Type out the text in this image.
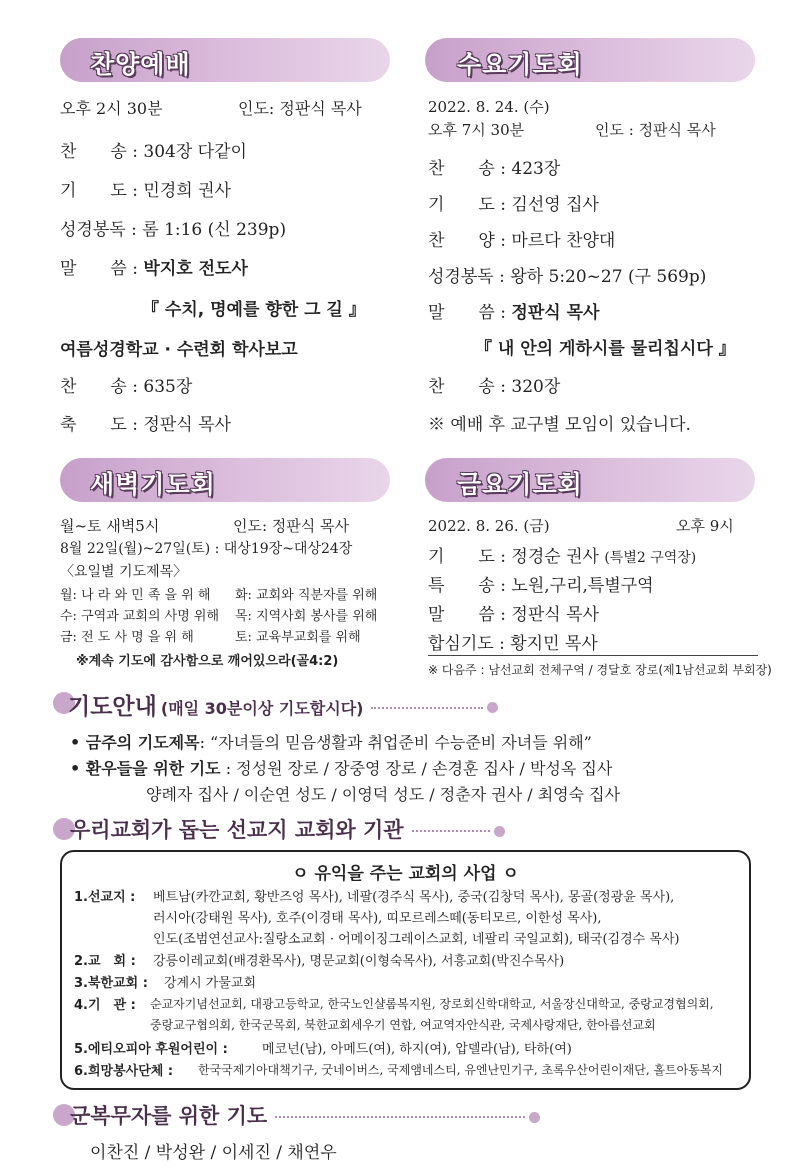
찬양예배	수요기도회
새벽기도회	금요기도회
오후 2시 30분	인도: 정판식 목사
찬　　송 : 304장 다같이
기　　도 : 민경희 권사
성경봉독 : 롬 1:16 (신 239p)
말　　씀 : 박지호 전도사
『 수치, 명예를 향한 그 길 』
여름성경학교 · 수련회 학사보고
찬　　송 : 635장
축　　도 : 정판식 목사
2022. 8. 24. (수)
오후 7시 30분	인도 : 정판식 목사
찬　　송 : 423장
기　　도 : 김선영 집사
찬　　양 : 마르다 찬양대
성경봉독 : 왕하 5:20~27 (구 569p)
말　　씀 : 정판식 목사
『 내 안의 게하시를 물리칩시다 』
찬　　송 : 320장
※ 예배 후 교구별 모임이 있습니다.
월~토 새벽5시	인도: 정판식 목사
8월 22일(월)~27일(토) : 대상19장~대상24장
〈요일별 기도제목〉
월: 나 라 와 민 족 을 위 해 화: 교회와 직분자를 위해
수: 구역과 교회의 사명 위해 목: 지역사회 봉사를 위해
금: 전 도 사 명 을 위 해	토: 교육부교회를 위해
※계속 기도에 감사함으로 깨어있으라(골4:2)
2022. 8. 26. (금)	오후 9시
기　　도 : 정경순 권사 (특별2 구역장)
특　　송 : 노원,구리,특별구역
말　　씀 : 정판식 목사
합심기도 : 황지민 목사
※ 다음주 : 남선교회 전체구역 / 경달호 장로(제1남선교회 부회장)
기도안내 (매일 30분이상 기도합시다)
• 금주의 기도제목: “자녀들의 믿음생활과 취업준비 수능준비 자녀들 위해”
• 환우들을 위한 기도 : 정성원 장로 / 장중영 장로 / 손경훈 집사 / 박성옥 집사
양례자 집사 / 이순연 성도 / 이영덕 성도 / 정춘자 권사 / 최영숙 집사
우리교회가 돕는 선교지 교회와 기관
ㅇ 유익을 주는 교회의 사업 ㅇ
1.선교지 : 베트남(카깐교회, 황반즈엉 목사), 네팔(경주식 목사), 중국(김창덕 목사), 몽골(정광윤 목사),
러시아(강태원 목사), 호주(이경태 목사), 띠모르레스떼(동티모르, 이한성 목사),
인도(조범연선교사:질랑소교회 · 어메이징그레이스교회, 네팔리 국일교회), 태국(김경수 목사)
2.교　회 : 강릉이레교회(배경환목사), 명문교회(이형숙목사), 서흥교회(박진수목사)
3.북한교회 : 강계시 가물교회
4.기　관 : 순교자기념선교회, 대광고등학교, 한국노인샬롬복지원, 장로회신학대학교, 서울장신대학교, 중랑교경협의회,
중랑교구협의회, 한국군목회, 북한교회세우기 연합, 여교역자안식관, 국제사랑재단, 한아름선교회
5.에티오피아 후원어린이 :	메코넌(남), 아메드(여), 하지(여), 압델라(남), 타하(여)
6.희망봉사단체 : 한국국제기아대책기구, 굿네이버스, 국제앰네스티, 유엔난민기구, 초록우산어린이재단, 홀트아동복지
군복무자를 위한 기도
이찬진 / 박성완 / 이세진 / 채연우
